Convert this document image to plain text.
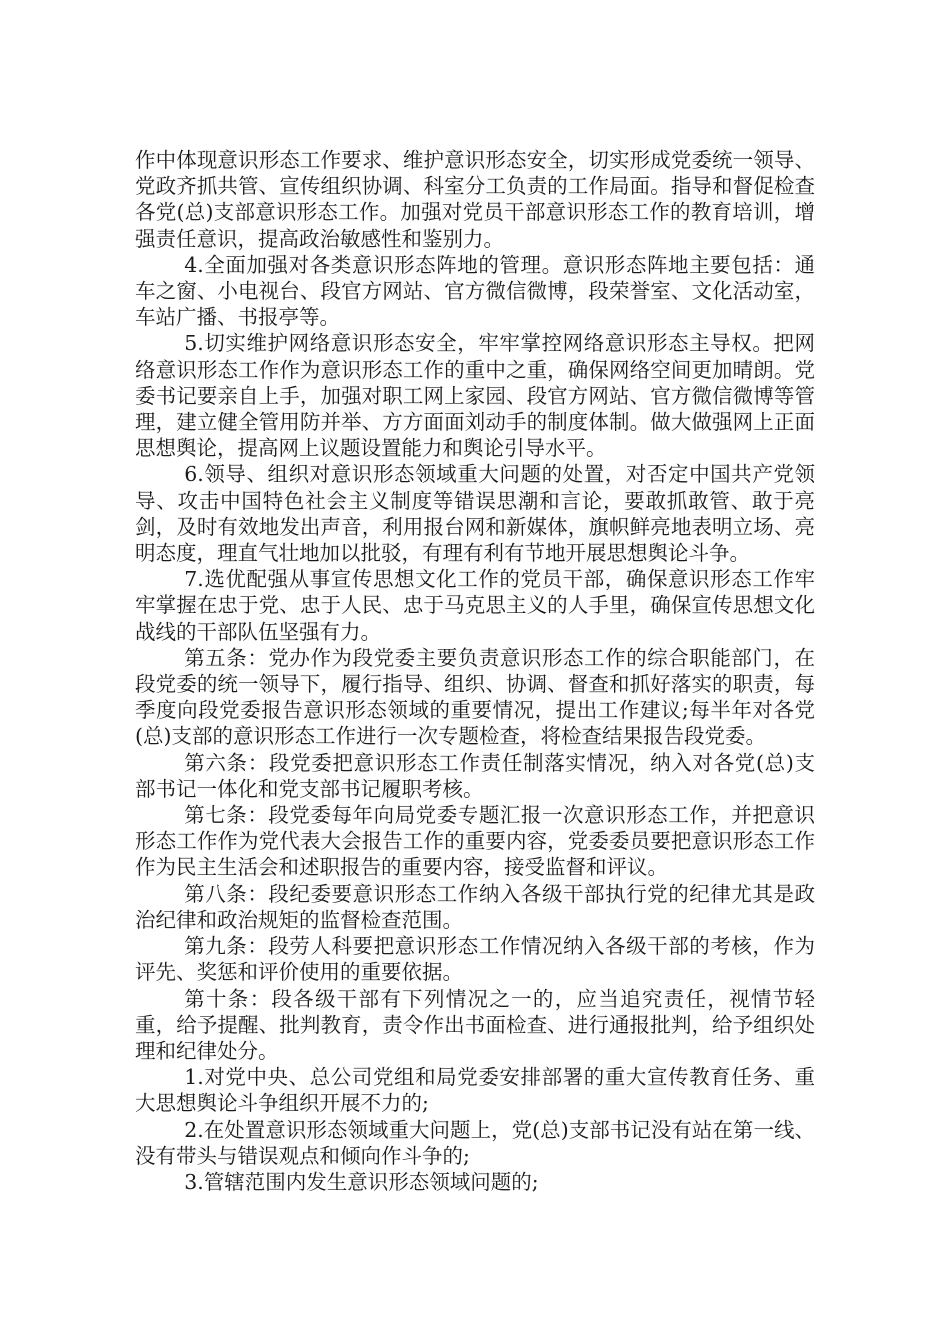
作中体现意识形态工作要求、维护意识形态安全，切实形成党委统一领导、党政齐抓共管、宣传组织协调、科室分工负责的工作局面。指导和督促检查各党(总)支部意识形态工作。加强对党员干部意识形态工作的教育培训，增强责任意识，提高政治敏感性和鉴别力。

4.全面加强对各类意识形态阵地的管理。意识形态阵地主要包括：通车之窗、小电视台、段官方网站、官方微信微博，段荣誉室、文化活动室，车站广播、书报亭等。

5.切实维护网络意识形态安全，牢牢掌控网络意识形态主导权。把网络意识形态工作作为意识形态工作的重中之重，确保网络空间更加晴朗。党委书记要亲自上手，加强对职工网上家园、段官方网站、官方微信微博等管理，建立健全管用防并举、方方面面刘动手的制度体制。做大做强网上正面思想舆论，提高网上议题设置能力和舆论引导水平。

6.领导、组织对意识形态领域重大问题的处置，对否定中国共产党领导、攻击中国特色社会主义制度等错误思潮和言论，要敢抓敢管、敢于亮剑，及时有效地发出声音，利用报台网和新媒体，旗帜鲜亮地表明立场、亮明态度，理直气壮地加以批驳，有理有利有节地开展思想舆论斗争。

7.选优配强从事宣传思想文化工作的党员干部，确保意识形态工作牢牢掌握在忠于党、忠于人民、忠于马克思主义的人手里，确保宣传思想文化战线的干部队伍坚强有力。

第五条：党办作为段党委主要负责意识形态工作的综合职能部门，在段党委的统一领导下，履行指导、组织、协调、督查和抓好落实的职责，每季度向段党委报告意识形态领域的重要情况，提出工作建议;每半年对各党(总)支部的意识形态工作进行一次专题检查，将检查结果报告段党委。

第六条：段党委把意识形态工作责任制落实情况，纳入对各党(总)支部书记一体化和党支部书记履职考核。

第七条：段党委每年向局党委专题汇报一次意识形态工作，并把意识形态工作作为党代表大会报告工作的重要内容，党委委员要把意识形态工作作为民主生活会和述职报告的重要内容，接受监督和评议。

第八条：段纪委要意识形态工作纳入各级干部执行党的纪律尤其是政治纪律和政治规矩的监督检查范围。

第九条：段劳人科要把意识形态工作情况纳入各级干部的考核，作为评先、奖惩和评价使用的重要依据。

第十条：段各级干部有下列情况之一的，应当追究责任，视情节轻重，给予提醒、批判教育，责令作出书面检查、进行通报批判，给予组织处理和纪律处分。

1.对党中央、总公司党组和局党委安排部署的重大宣传教育任务、重大思想舆论斗争组织开展不力的;

2.在处置意识形态领域重大问题上，党(总)支部书记没有站在第一线、没有带头与错误观点和倾向作斗争的;

3.管辖范围内发生意识形态领域问题的;
